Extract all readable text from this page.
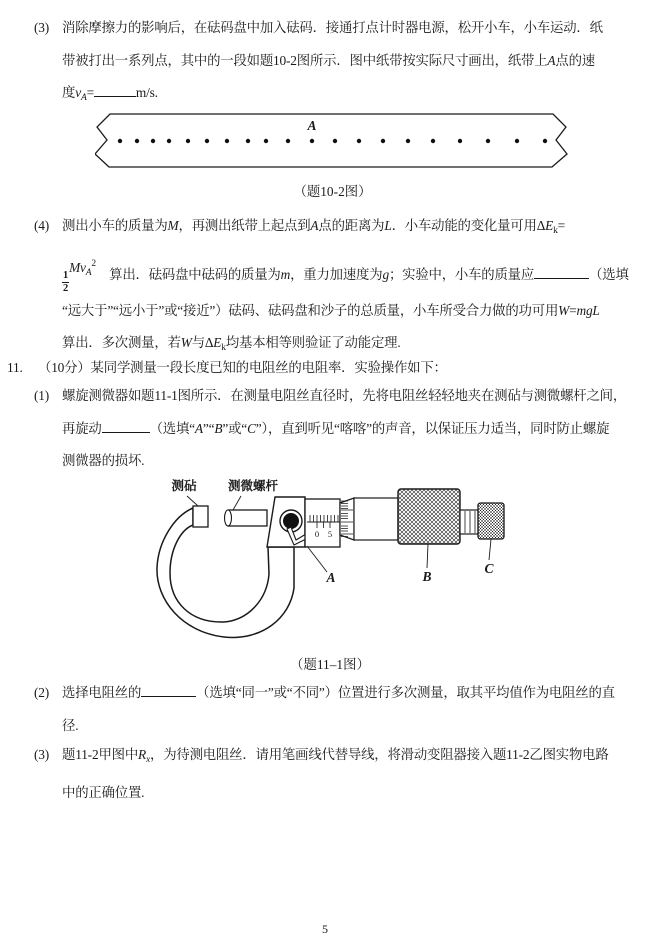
(3) 消除摩擦力的影响后，在砝码盘中加入砝码．接通打点计时器电源，松开小车，小车运动．纸
带被打出一系列点，其中的一段如题10-2图所示．图中纸带按实际尺寸画出，纸带上A点的速
度$v_A=$	m/s.
(4) 测出小车的质量为M，再测出纸带上起点到A点的距离为L．小车动能的变化量可用$\Delta E_k=$
$\frac{1}{2}$
$Mv^{A2}$　算出．砝码盘中砝码的质量为m，重力加速度为g；实验中，小车的质量应	（选填
“远大于”“远小于”或“接近”）砝码、砝码盘和沙子的总质量，小车所受合力做的功可用W=mgL
算出．多次测量，若W与$\Delta E_k$均基本相等则验证了动能定理.
11. （10分）某同学测量一段长度已知的电阻丝的电阻率．实验操作如下：
(1) 螺旋测微器如题11-1图所示．在测量电阻丝直径时，先将电阻丝轻轻地夹在测砧与测微螺杆之间，
再旋动	（选填“A”“B”或“C”），直到听见“喀喀”的声音，以保证压力适当，同时防止螺旋
测微器的损坏.
(2) 选择电阻丝的	（选填“同一”或“不同”）位置进行多次测量，取其平均值作为电阻丝的直
径.
(3) 题11-2甲图中$R_x$，为待测电阻丝．请用笔画线代替导线，将滑动变阻器接入题11-2乙图实物电路
中的正确位置.
A
（题10-2图）
0 5
测砧	测微螺杆
A	B
C
（题11–1图）
5
